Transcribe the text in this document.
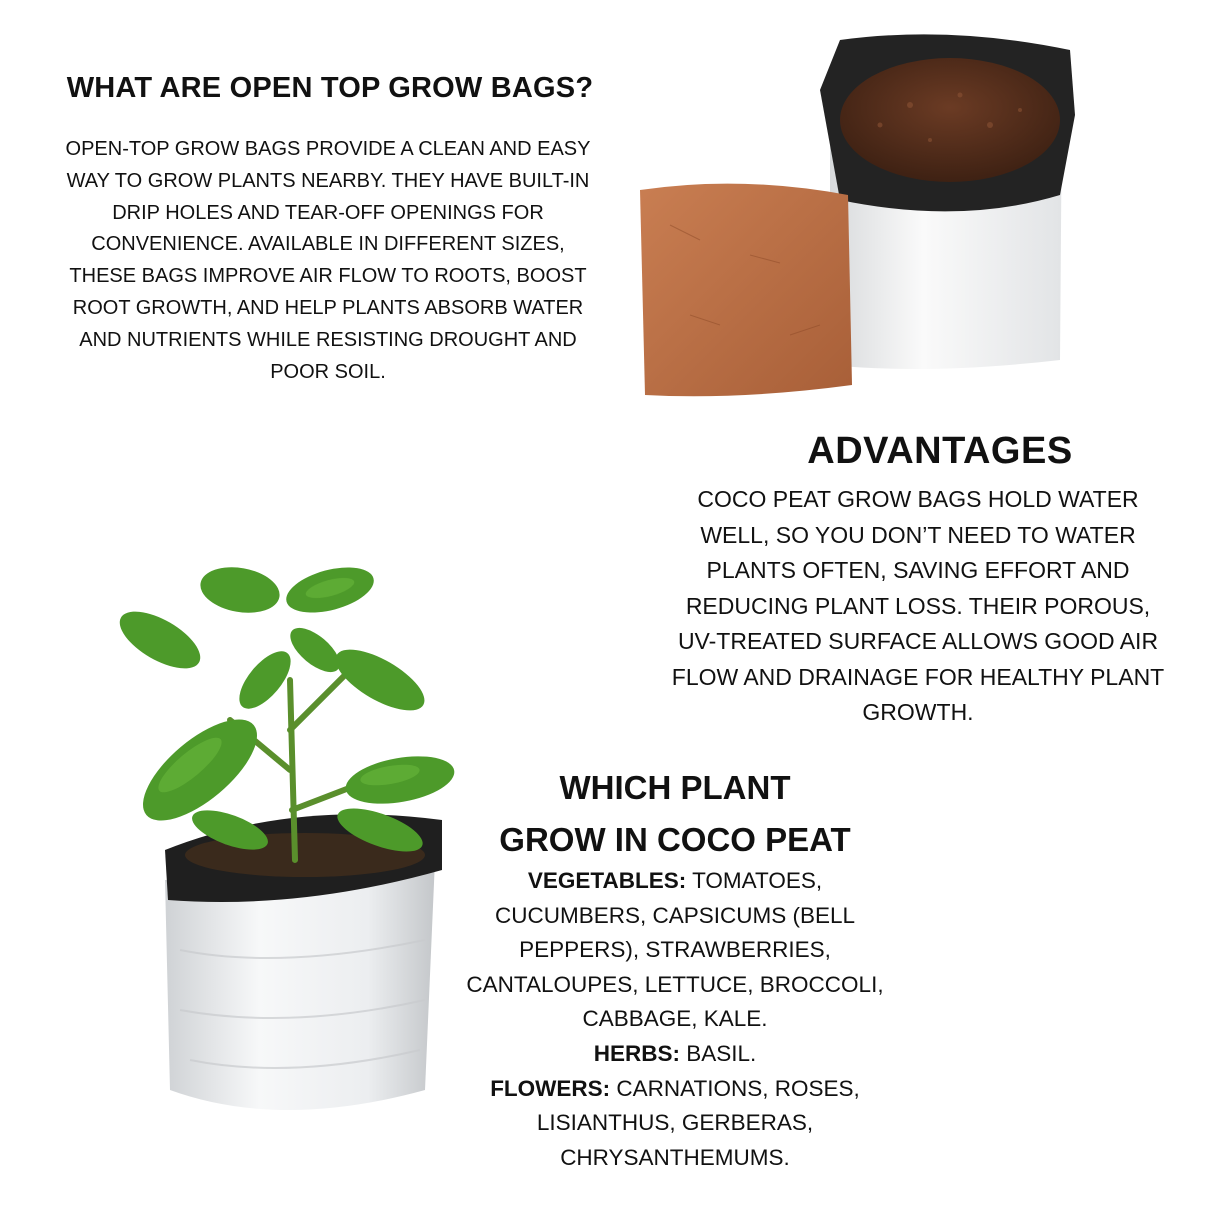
WHAT ARE OPEN TOP GROW BAGS?
OPEN-TOP GROW BAGS PROVIDE A CLEAN AND EASY WAY TO GROW PLANTS NEARBY. THEY HAVE BUILT-IN DRIP HOLES AND TEAR-OFF OPENINGS FOR CONVENIENCE. AVAILABLE IN DIFFERENT SIZES, THESE BAGS IMPROVE AIR FLOW TO ROOTS, BOOST ROOT GROWTH, AND HELP PLANTS ABSORB WATER AND NUTRIENTS WHILE RESISTING DROUGHT AND POOR SOIL.
ADVANTAGES
COCO PEAT GROW BAGS HOLD WATER WELL, SO YOU DON’T NEED TO WATER PLANTS OFTEN, SAVING EFFORT AND REDUCING PLANT LOSS. THEIR POROUS, UV-TREATED SURFACE ALLOWS GOOD AIR FLOW AND DRAINAGE FOR HEALTHY PLANT GROWTH.
WHICH PLANT
GROW IN COCO PEAT
VEGETABLES: TOMATOES, CUCUMBERS, CAPSICUMS (BELL PEPPERS), STRAWBERRIES, CANTALOUPES, LETTUCE, BROCCOLI, CABBAGE, KALE.
HERBS: BASIL.
FLOWERS: CARNATIONS, ROSES, LISIANTHUS, GERBERAS, CHRYSANTHEMUMS.
